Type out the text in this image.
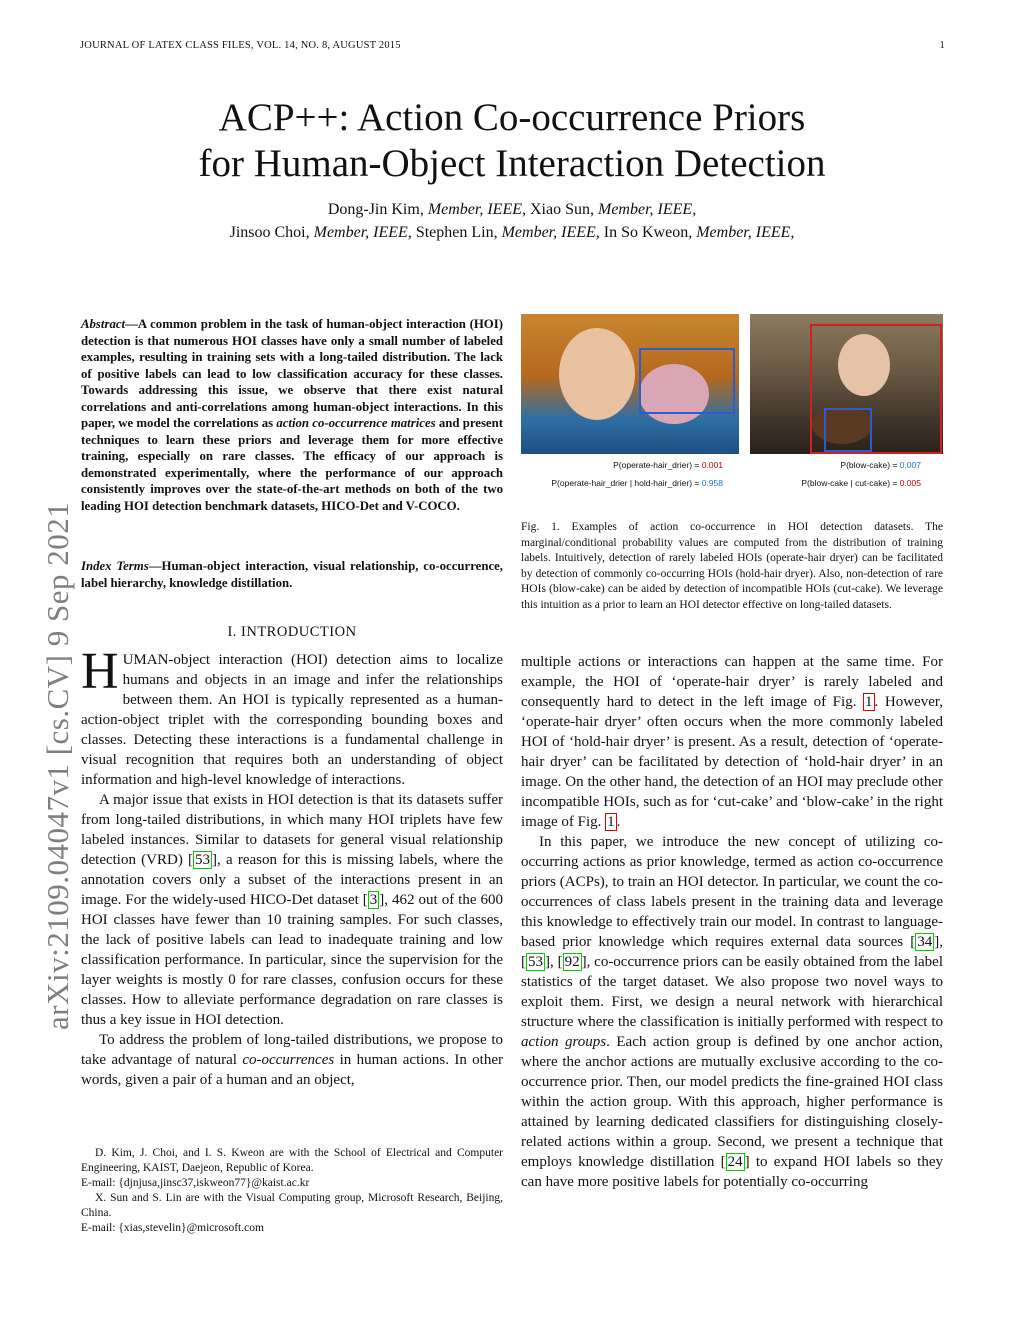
JOURNAL OF LATEX CLASS FILES, VOL. 14, NO. 8, AUGUST 2015	1
arXiv:2109.04047v1 [cs.CV] 9 Sep 2021
ACP++: Action Co-occurrence Priors
for Human-Object Interaction Detection
Dong-Jin Kim, Member, IEEE, Xiao Sun, Member, IEEE,
Jinsoo Choi, Member, IEEE, Stephen Lin, Member, IEEE, In So Kweon, Member, IEEE,
Abstract—A common problem in the task of human-object interaction (HOI) detection is that numerous HOI classes have only a small number of labeled examples, resulting in training sets with a long-tailed distribution. The lack of positive labels can lead to low classification accuracy for these classes. Towards addressing this issue, we observe that there exist natural correlations and anti-correlations among human-object interactions. In this paper, we model the correlations as action co-occurrence matrices and present techniques to learn these priors and leverage them for more effective training, especially on rare classes. The efficacy of our approach is demonstrated experimentally, where the performance of our approach consistently improves over the state-of-the-art methods on both of the two leading HOI detection benchmark datasets, HICO-Det and V-COCO.
Index Terms—Human-object interaction, visual relationship, co-occurrence, label hierarchy, knowledge distillation.
I. INTRODUCTION

HUMAN-object interaction (HOI) detection aims to localize humans and objects in an image and infer the relationships between them. An HOI is typically represented as a human-action-object triplet with the corresponding bounding boxes and classes. Detecting these interactions is a fundamental challenge in visual recognition that requires both an understanding of object information and high-level knowledge of interactions.

A major issue that exists in HOI detection is that its datasets suffer from long-tailed distributions, in which many HOI triplets have few labeled instances. Similar to datasets for general visual relationship detection (VRD) [ 53 ], a reason for this is missing labels, where the annotation covers only a subset of the interactions present in an image. For the widely-used HICO-Det dataset [ 3 ], 462 out of the 600 HOI classes have fewer than 10 training samples. For such classes, the lack of positive labels can lead to inadequate training and low classification performance. In particular, since the supervision for the layer weights is mostly 0 for rare classes, confusion occurs for these classes. How to alleviate performance degradation on rare classes is thus a key issue in HOI detection.

To address the problem of long-tailed distributions, we propose to take advantage of natural co-occurrences in human actions. In other words, given a pair of a human and an object,

D. Kim, J. Choi, and I. S. Kweon are with the School of Electrical and Computer Engineering, KAIST, Daejeon, Republic of Korea.

E-mail: {djnjusa,jinsc37,iskweon77}@kaist.ac.kr

X. Sun and S. Lin are with the Visual Computing group, Microsoft Research, Beijing, China.

E-mail: {xias,stevelin}@microsoft.com
P(operate-hair_drier) = 0.001
P(operate-hair_drier | hold-hair_drier) = 0.958
P(blow-cake) = 0.007
P(blow-cake | cut-cake) = 0.005
Fig. 1. Examples of action co-occurrence in HOI detection datasets. The marginal/conditional probability values are computed from the distribution of training labels. Intuitively, detection of rarely labeled HOIs (operate-hair dryer) can be facilitated by detection of commonly co-occurring HOIs (hold-hair dryer). Also, non-detection of rare HOIs (blow-cake) can be aided by detection of incompatible HOIs (cut-cake). We leverage this intuition as a prior to learn an HOI detector effective on long-tailed datasets.

multiple actions or interactions can happen at the same time. For example, the HOI of ‘operate-hair dryer’ is rarely labeled and consequently hard to detect in the left image of Fig. 1 . However, ‘operate-hair dryer’ often occurs when the more commonly labeled HOI of ‘hold-hair dryer’ is present. As a result, detection of ‘operate-hair dryer’ can be facilitated by detection of ‘hold-hair dryer’ in an image. On the other hand, the detection of an HOI may preclude other incompatible HOIs, such as for ‘cut-cake’ and ‘blow-cake’ in the right image of Fig. 1 .

In this paper, we introduce the new concept of utilizing co-occurring actions as prior knowledge, termed as action co-occurrence priors (ACPs), to train an HOI detector. In particular, we count the co-occurrences of class labels present in the training data and leverage this knowledge to effectively train our model. In contrast to language-based prior knowledge which requires external data sources [ 34 ], [ 53 ], [ 92 ], co-occurrence priors can be easily obtained from the label statistics of the target dataset. We also propose two novel ways to exploit them. First, we design a neural network with hierarchical structure where the classification is initially performed with respect to action groups. Each action group is defined by one anchor action, where the anchor actions are mutually exclusive according to the co-occurrence prior. Then, our model predicts the fine-grained HOI class within the action group. With this approach, higher performance is attained by learning dedicated classifiers for distinguishing closely-related actions within a group. Second, we present a technique that employs knowledge distillation [ 24 ] to expand HOI labels so they can have more positive labels for potentially co-occurring
